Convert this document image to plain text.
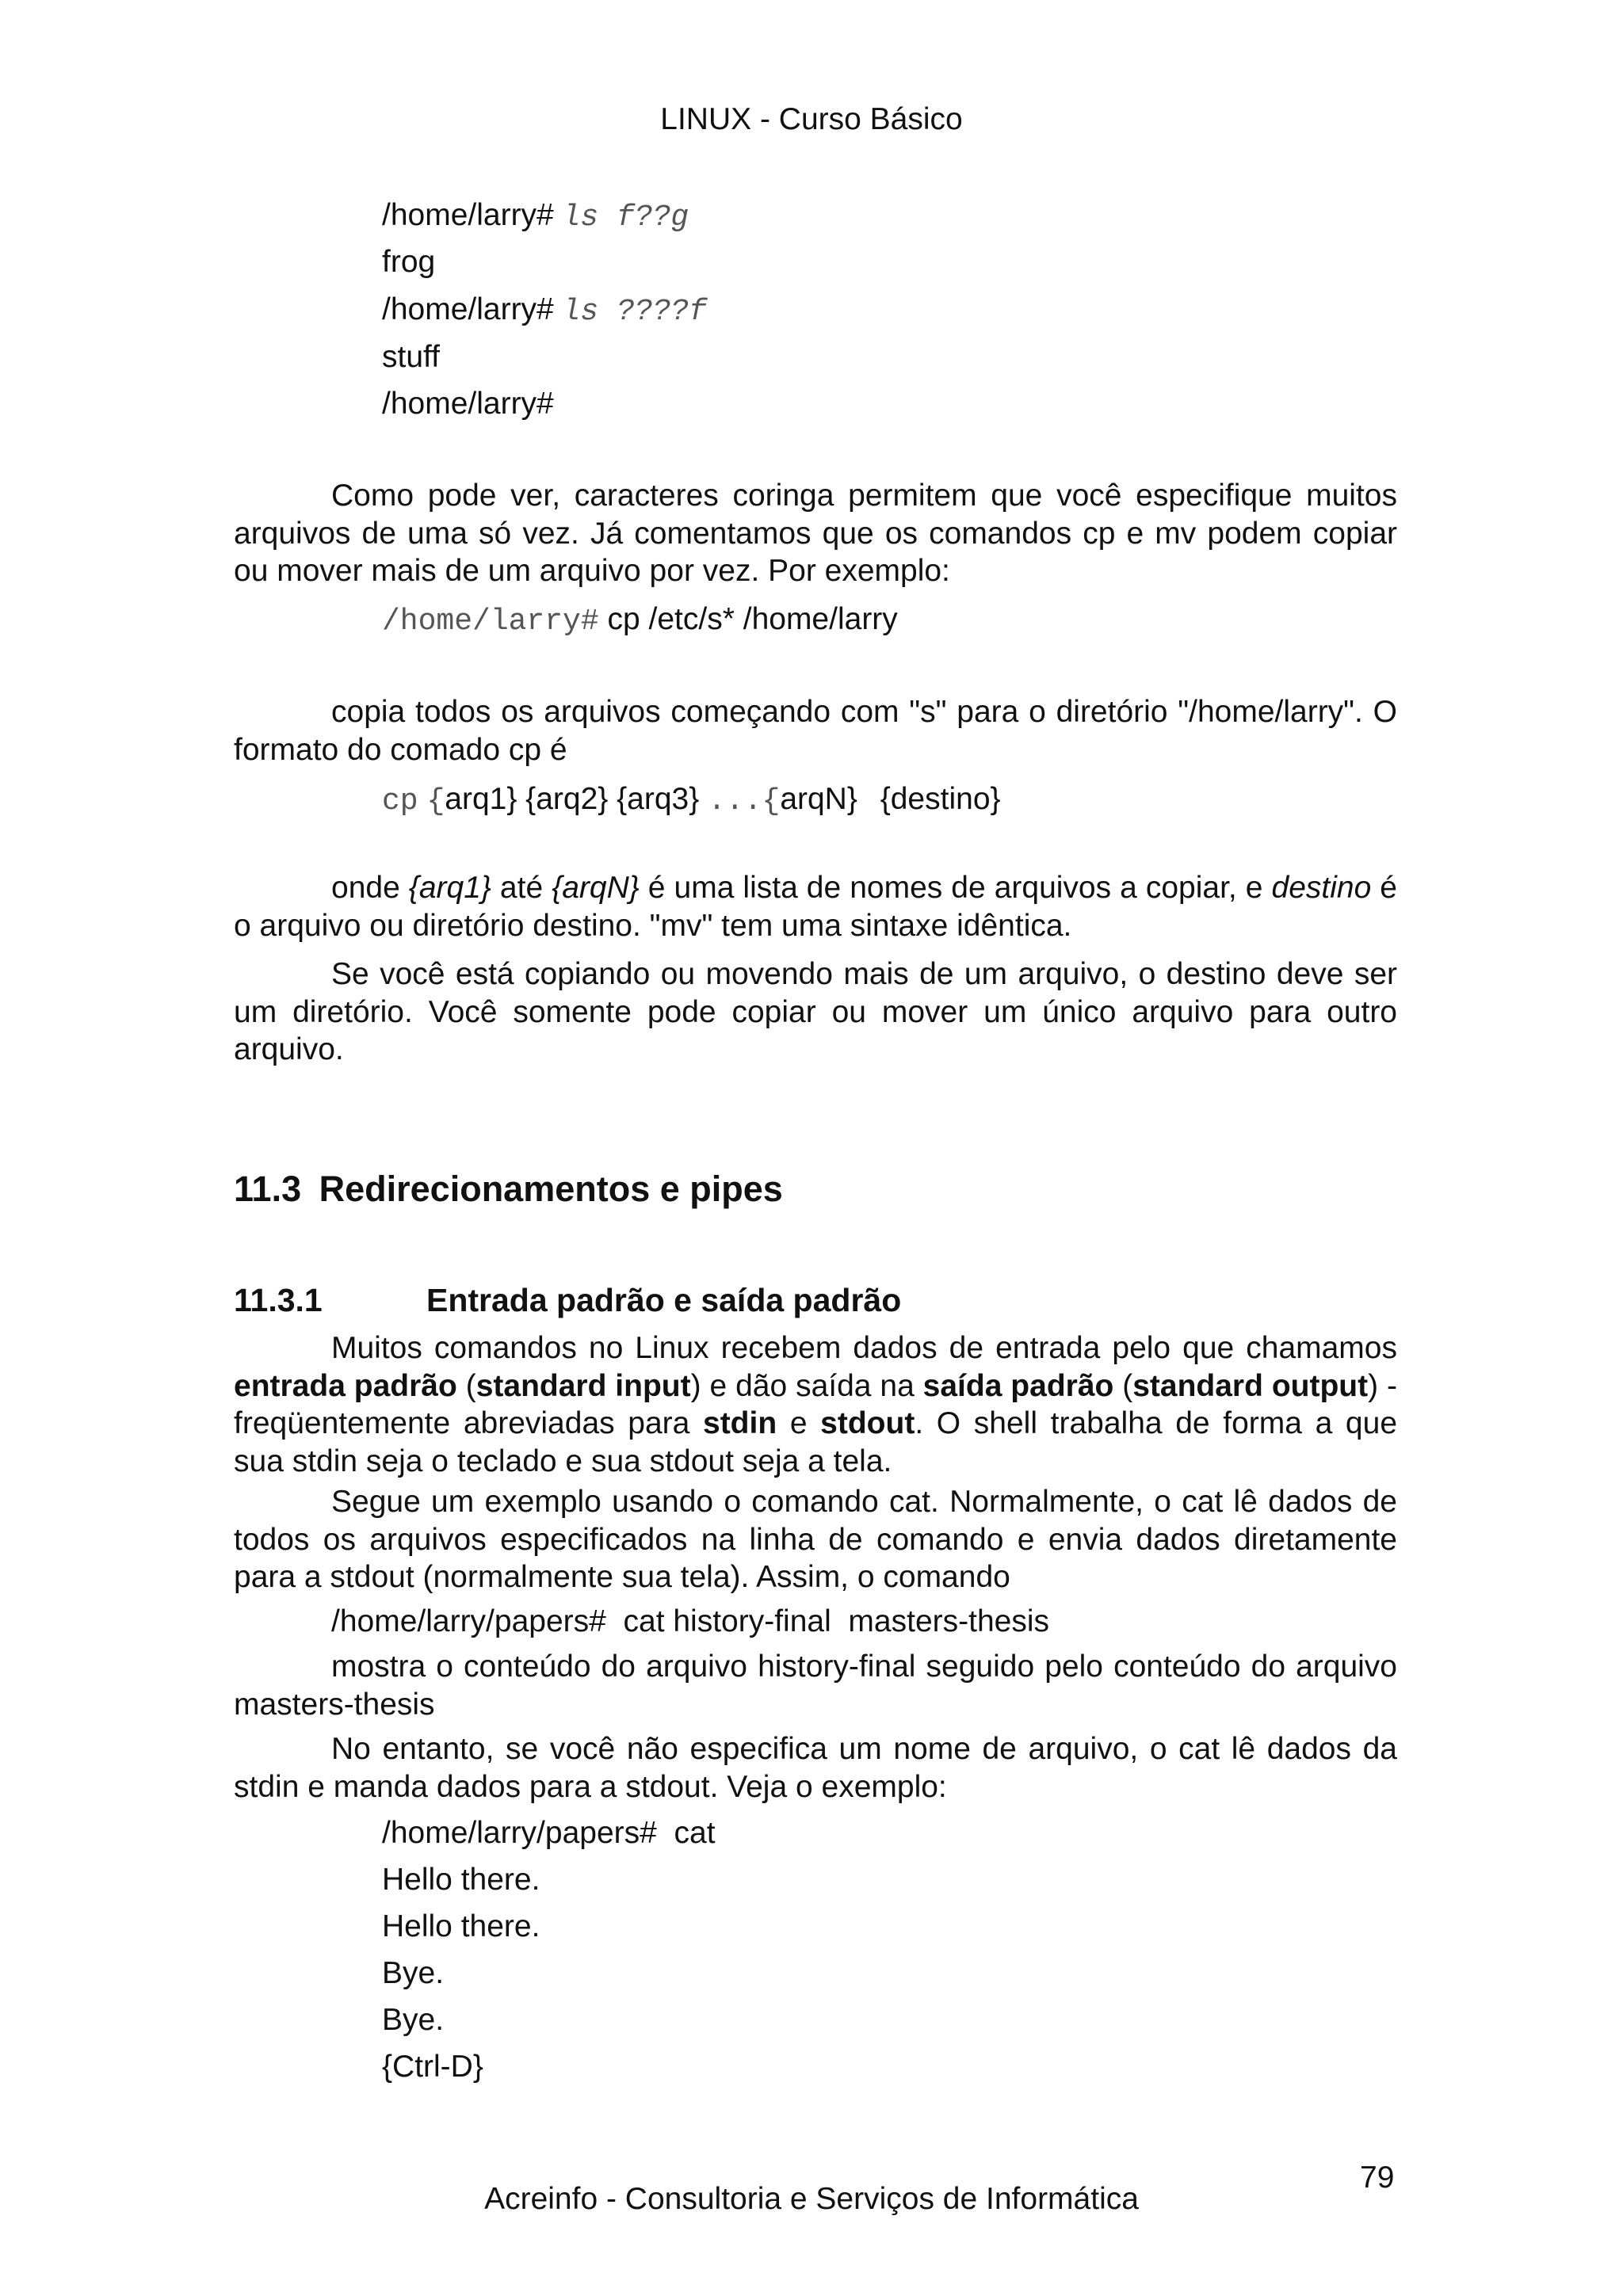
LINUX - Curso Básico
/home/larry# ls f??g
frog
/home/larry# ls ????f
stuff
/home/larry#
Como pode ver, caracteres coringa permitem que você especifique muitos arquivos de uma só vez. Já comentamos que os comandos cp e mv podem copiar ou mover mais de um arquivo por vez. Por exemplo:
/home/larry# cp /etc/s* /home/larry
copia todos os arquivos começando com "s" para o diretório "/home/larry". O formato do comado cp é
cp {arq1} {arq2} {arq3} ...{arqN} {destino}
onde {arq1} até {arqN} é uma lista de nomes de arquivos a copiar, e destino é o arquivo ou diretório destino. "mv" tem uma sintaxe idêntica.
Se você está copiando ou movendo mais de um arquivo, o destino deve ser um diretório. Você somente pode copiar ou mover um único arquivo para outro arquivo.
11.3 Redirecionamentos e pipes
11.3.1	Entrada padrão e saída padrão
Muitos comandos no Linux recebem dados de entrada pelo que chamamos entrada padrão (standard input) e dão saída na saída padrão (standard output) - freqüentemente abreviadas para stdin e stdout. O shell trabalha de forma a que sua stdin seja o teclado e sua stdout seja a tela.
Segue um exemplo usando o comando cat. Normalmente, o cat lê dados de todos os arquivos especificados na linha de comando e envia dados diretamente para a stdout (normalmente sua tela). Assim, o comando
/home/larry/papers#  cat history-final  masters-thesis
mostra o conteúdo do arquivo history-final seguido pelo conteúdo do arquivo masters-thesis
No entanto, se você não especifica um nome de arquivo, o cat lê dados da stdin e manda dados para a stdout. Veja o exemplo:
/home/larry/papers#  cat
Hello there.
Hello there.
Bye.
Bye.
{Ctrl-D}
Acreinfo - Consultoria e Serviços de Informática
79
